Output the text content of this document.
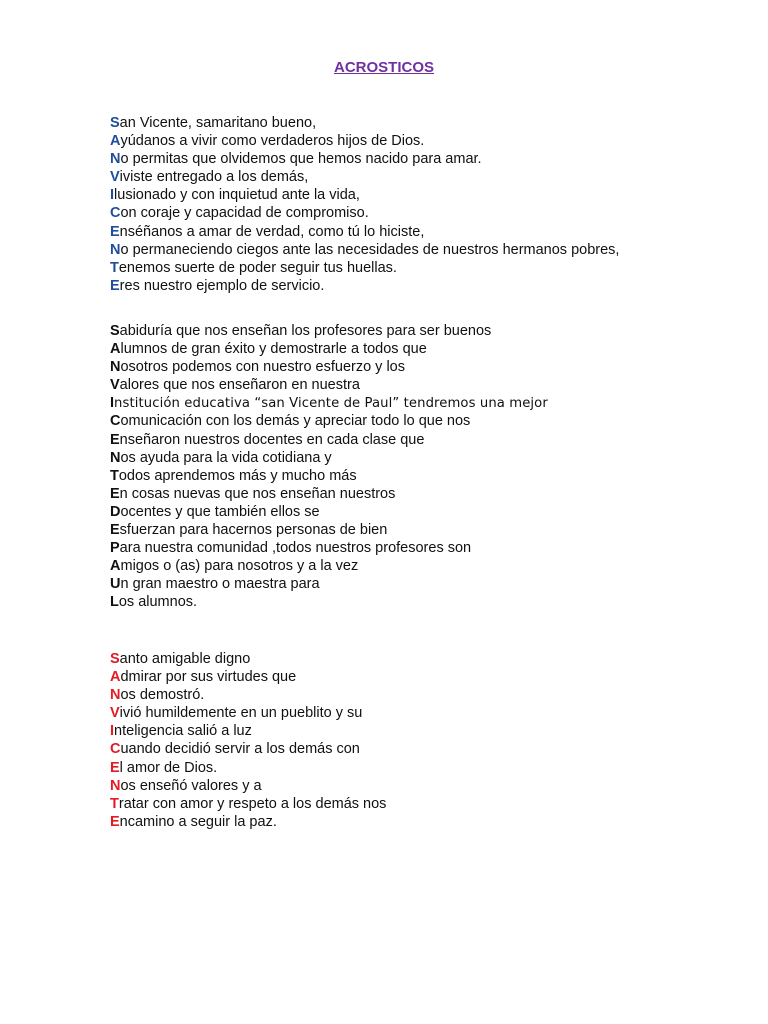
ACROSTICOS
San Vicente, samaritano bueno,
Ayúdanos a vivir como verdaderos hijos de Dios.
No permitas que olvidemos que hemos nacido para amar.
Viviste entregado a los demás,
Ilusionado y con inquietud ante la vida,
Con coraje y capacidad de compromiso.
Enséñanos a amar de verdad, como tú lo hiciste,
No permaneciendo ciegos ante las necesidades de nuestros hermanos pobres,
Tenemos suerte de poder seguir tus huellas.
Eres nuestro ejemplo de servicio.
Sabiduría que nos enseñan los profesores para ser buenos
Alumnos de gran éxito y demostrarle a todos que
Nosotros podemos con nuestro esfuerzo y los
Valores que nos enseñaron en nuestra
Institución educativa “san Vicente de Paul” tendremos una mejor
Comunicación con los demás y apreciar todo lo que nos
Enseñaron nuestros docentes en cada clase que
Nos ayuda para la vida cotidiana y
Todos aprendemos más y mucho más
En cosas nuevas que nos enseñan nuestros
Docentes y que también ellos se
Esfuerzan para hacernos personas de bien
Para nuestra comunidad ,todos nuestros profesores son
Amigos o (as) para nosotros y a la vez
Un gran maestro o maestra para
Los alumnos.
Santo amigable digno
Admirar por sus virtudes que
Nos demostró.
Vivió humildemente en un pueblito y su
Inteligencia salió a luz
Cuando decidió servir a los demás con
El amor de Dios.
Nos enseñó valores y a
Tratar con amor y respeto a los demás nos
Encamino a seguir la paz.
